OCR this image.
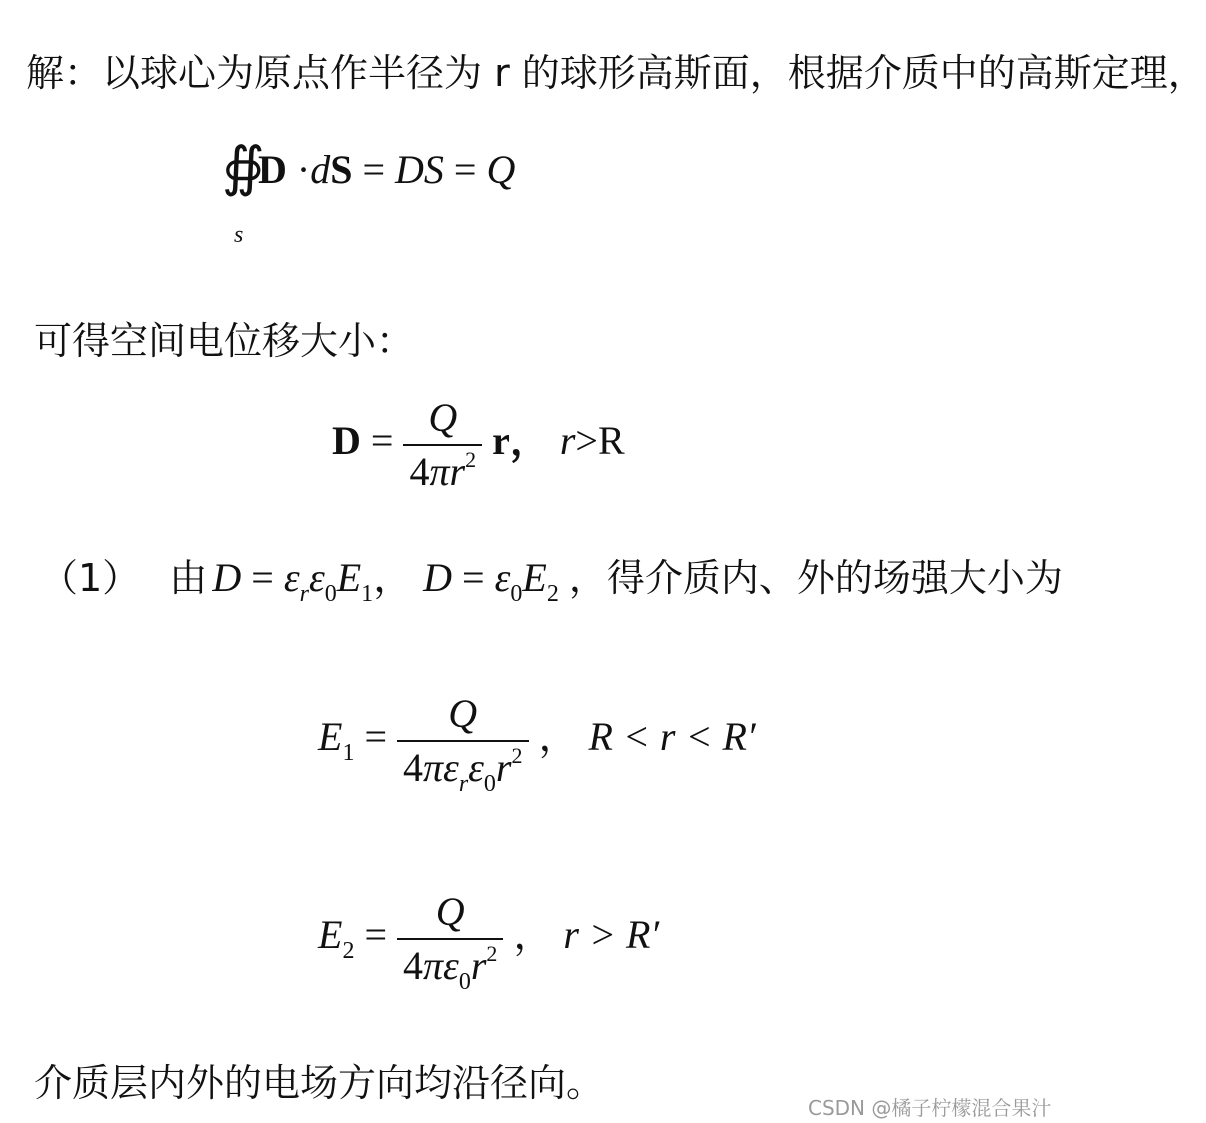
解：以球心为原点作半径为 r 的球形高斯面，根据介质中的高斯定理，
∯
s
D ·dS = DS = Q
可得空间电位移大小：
$D = \frac{Q}{4\pi r^2}$ r， r>R
（1） 由 $D = \varepsilon_r\varepsilon_0E_1$， $D = \varepsilon_0E_2$ ，得介质内、外的场强大小为
$E_1 = \frac{Q}{4\pi\varepsilon_r\varepsilon_0r^2}$ ， R < r < R′
$E_2 = \frac{Q}{4\pi\varepsilon_0r^2}$ ， r > R′
介质层内外的电场方向均沿径向。
CSDN @橘子柠檬混合果汁
